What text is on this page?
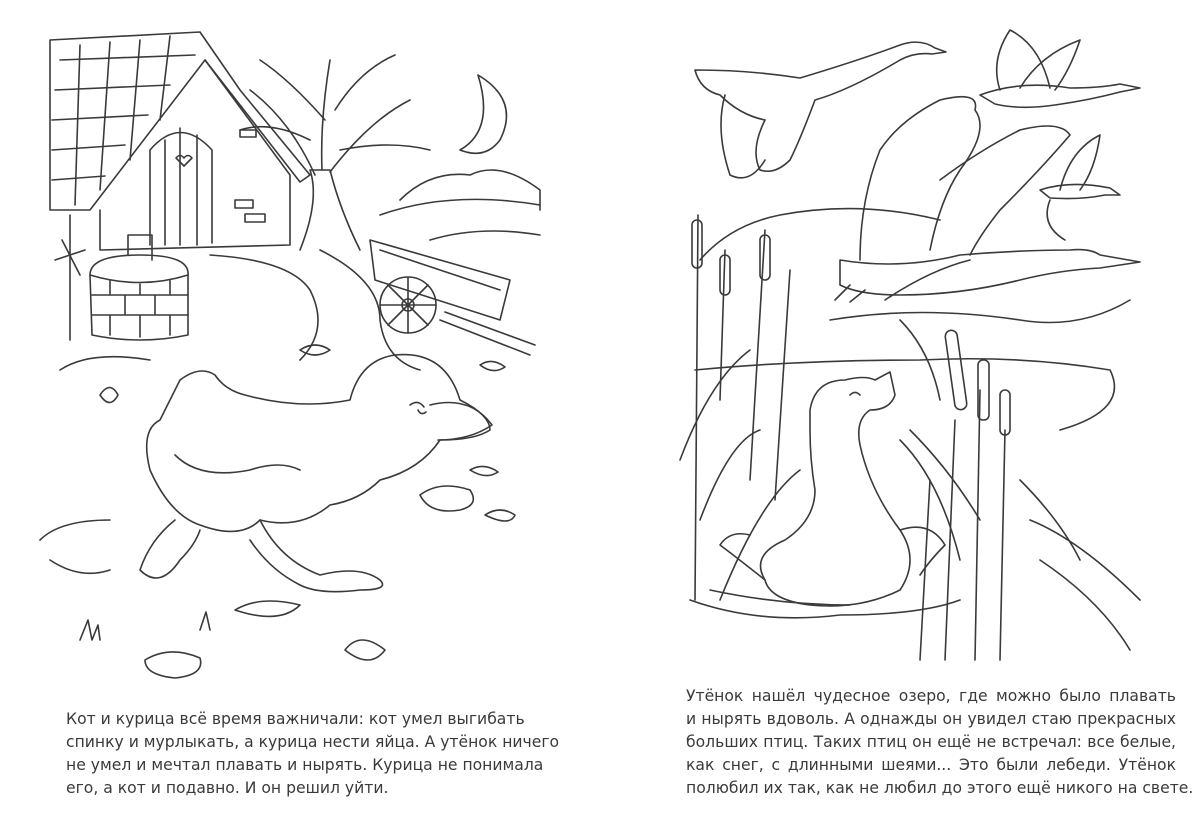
Кот и курица всё время важничали: кот умел выгибать
спинку и мурлыкать, а курица нести яйца. А утёнок ничего
не умел и мечтал плавать и нырять. Курица не понимала
его, а кот и подавно. И он решил уйти.

Утёнок нашёл чудесное озеро, где можно было плавать
и нырять вдоволь. А однажды он увидел стаю прекрасных
больших птиц. Таких птиц он ещё не встречал: все белые,
как снег, с длинными шеями... Это были лебеди. Утёнок
полюбил их так, как не любил до этого ещё никого на свете.
